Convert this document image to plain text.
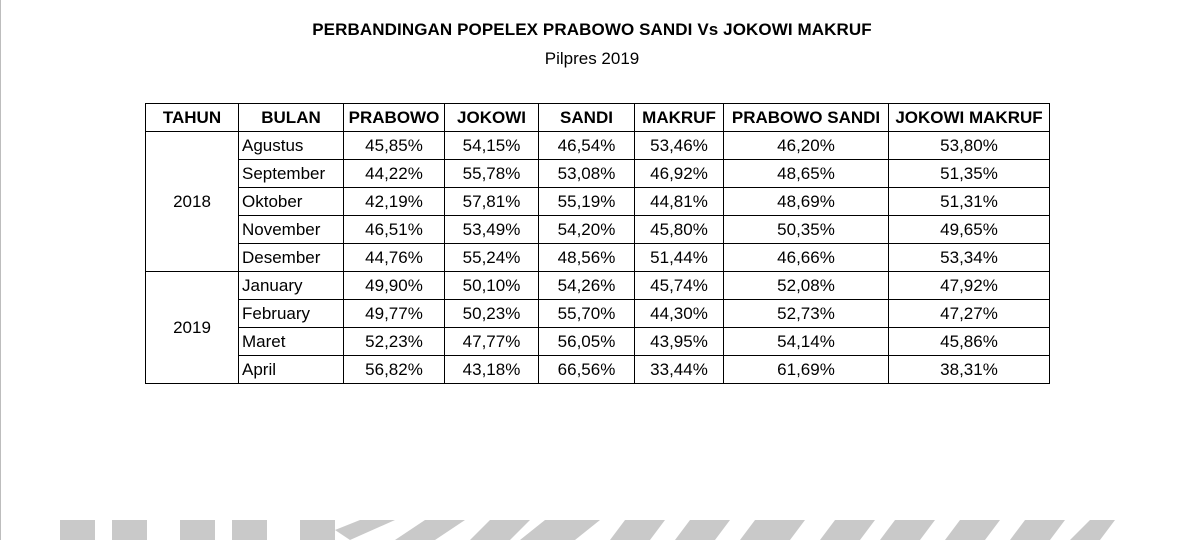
PERBANDINGAN POPELEX PRABOWO SANDI Vs JOKOWI MAKRUF
Pilpres 2019
TAHUN	BULAN	PRABOWO	JOKOWI	SANDI	MAKRUF	PRABOWO SANDI	JOKOWI MAKRUF
2018	Agustus	45,85%	54,15%	46,54%	53,46%	46,20%	53,80%
	September	44,22%	55,78%	53,08%	46,92%	48,65%	51,35%
	Oktober	42,19%	57,81%	55,19%	44,81%	48,69%	51,31%
	November	46,51%	53,49%	54,20%	45,80%	50,35%	49,65%
	Desember	44,76%	55,24%	48,56%	51,44%	46,66%	53,34%
2019	January	49,90%	50,10%	54,26%	45,74%	52,08%	47,92%
	February	49,77%	50,23%	55,70%	44,30%	52,73%	47,27%
	Maret	52,23%	47,77%	56,05%	43,95%	54,14%	45,86%
	April	56,82%	43,18%	66,56%	33,44%	61,69%	38,31%
